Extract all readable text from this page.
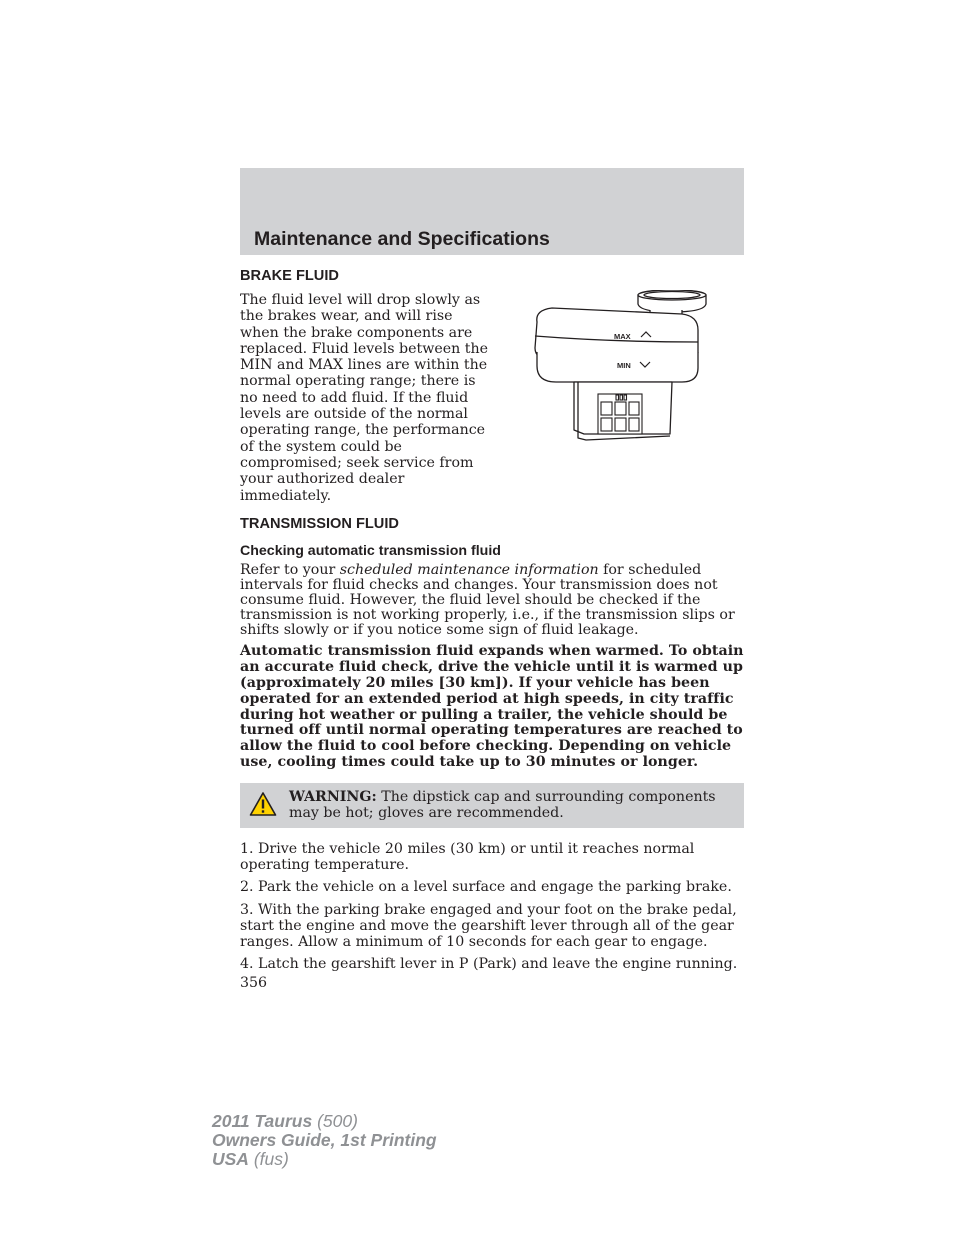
Maintenance and Specifications
BRAKE FLUID

The fluid level will drop slowly as the brakes wear, and will rise when the brake components are replaced. Fluid levels between the MIN and MAX lines are within the normal operating range; there is no need to add fluid. If the fluid levels are outside of the normal operating range, the performance of the system could be compromised; seek service from your authorized dealer immediately.

MAX
MIN
TRANSMISSION FLUID
Checking automatic transmission fluid

Refer to your scheduled maintenance information for scheduled intervals for fluid checks and changes. Your transmission does not consume fluid. However, the fluid level should be checked if the transmission is not working properly, i.e., if the transmission slips or shifts slowly or if you notice some sign of fluid leakage.

Automatic transmission fluid expands when warmed. To obtain an accurate fluid check, drive the vehicle until it is warmed up (approximately 20 miles [30 km]). If your vehicle has been operated for an extended period at high speeds, in city traffic during hot weather or pulling a trailer, the vehicle should be turned off until normal operating temperatures are reached to allow the fluid to cool before checking. Depending on vehicle use, cooling times could take up to 30 minutes or longer.

WARNING: The dipstick cap and surrounding components may be hot; gloves are recommended.

1. Drive the vehicle 20 miles (30 km) or until it reaches normal operating temperature.

2. Park the vehicle on a level surface and engage the parking brake.

3. With the parking brake engaged and your foot on the brake pedal, start the engine and move the gearshift lever through all of the gear ranges. Allow a minimum of 10 seconds for each gear to engage.

4. Latch the gearshift lever in P (Park) and leave the engine running.

356

2011 Taurus (500)
Owners Guide, 1st Printing
USA (fus)
